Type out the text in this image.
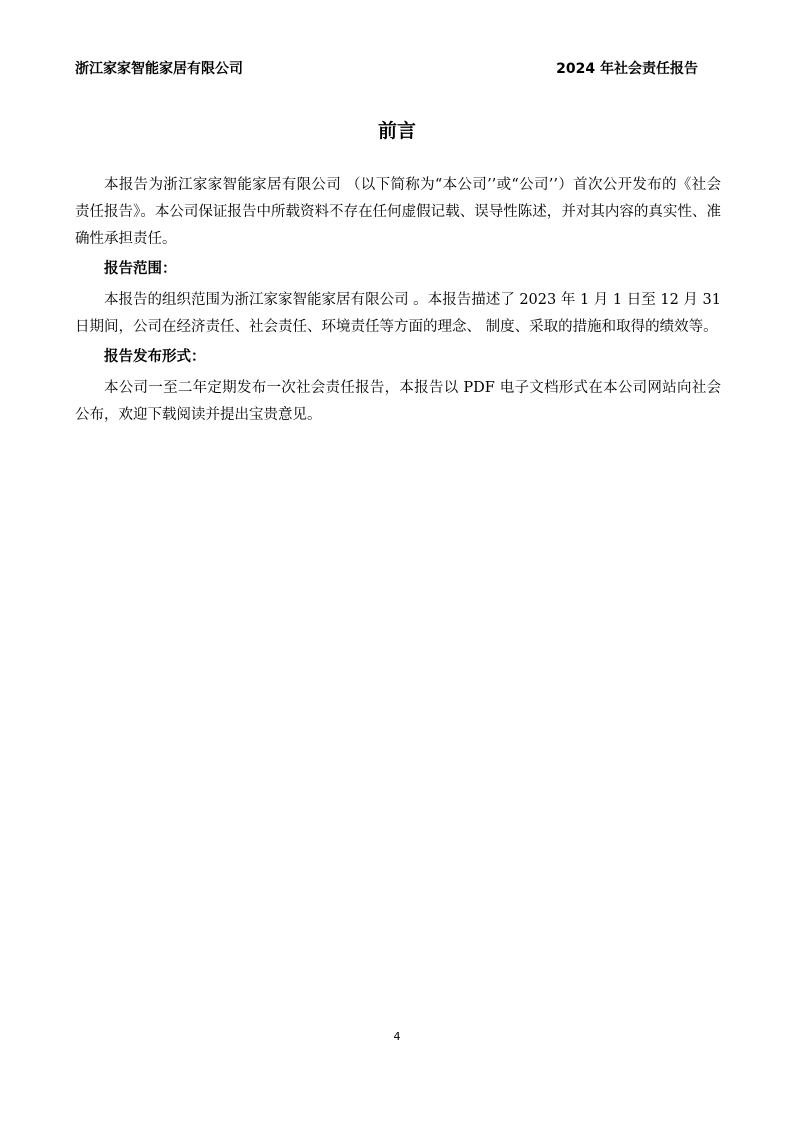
浙江家家智能家居有限公司	2024 年社会责任报告
前言

本报告为浙江家家智能家居有限公司 （以下简称为“本公司’’或“公司’’）首次公开发布的《社会责任报告》。本公司保证报告中所载资料不存在任何虚假记载、误导性陈述，并对其内容的真实性、准确性承担责任。

报告范围：

本报告的组织范围为浙江家家智能家居有限公司 。本报告描述了 2023 年 1 月 1 日至 12 月 31 日期间，公司在经济责任、社会责任、环境责任等方面的理念、 制度、采取的措施和取得的绩效等。

报告发布形式：

本公司一至二年定期发布一次社会责任报告，本报告以 PDF 电子文档形式在本公司网站向社会公布，欢迎下载阅读并提出宝贵意见。

4
